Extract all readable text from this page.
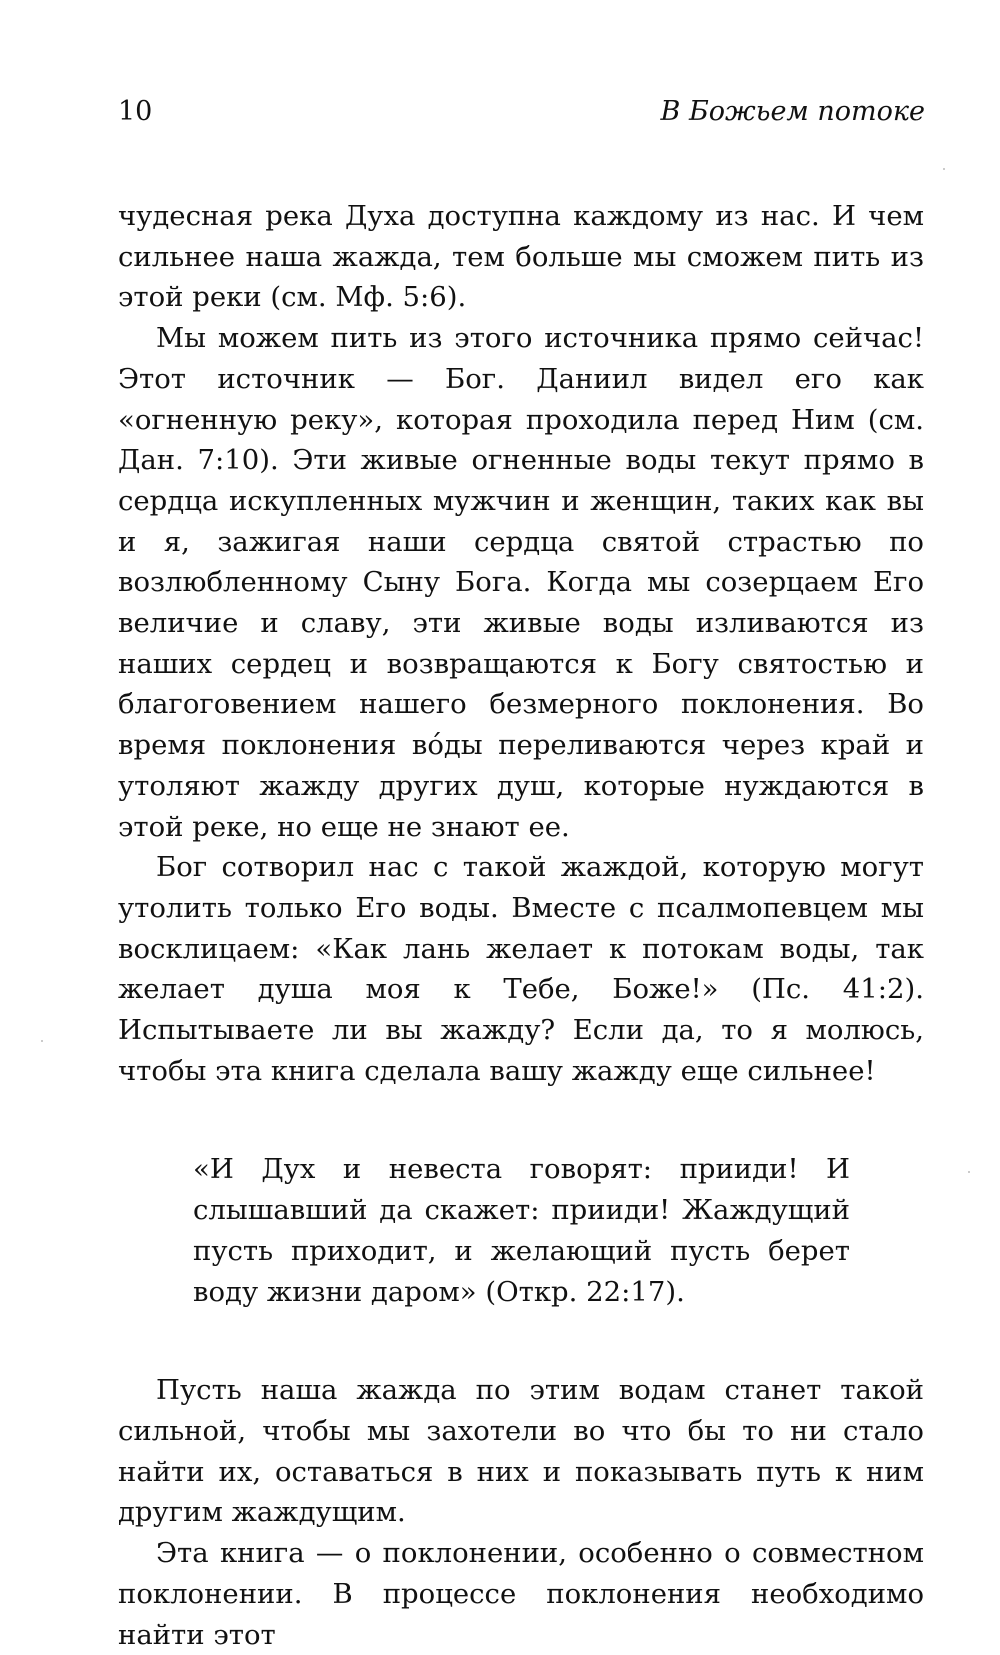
10	В Божьем потоке

чудесная река Духа доступна каждому из нас. И чем сильнее наша жажда, тем больше мы сможем пить из этой реки (см. Мф. 5:6).

Мы можем пить из этого источника прямо сейчас! Этот источник — Бог. Даниил видел его как «огненную реку», которая проходила перед Ним (см. Дан. 7:10). Эти живые огненные воды текут прямо в сердца искупленных мужчин и женщин, таких как вы и я, зажигая наши сердца святой страстью по возлюбленному Сыну Бога. Когда мы созерцаем Его величие и славу, эти живые воды изливаются из наших сердец и возвращаются к Богу святостью и благоговением нашего безмерного поклонения. Во время поклонения во́ды переливаются через край и утоляют жажду других душ, которые нуждаются в этой реке, но еще не знают ее.

Бог сотворил нас с такой жаждой, которую могут утолить только Его воды. Вместе с псалмопевцем мы восклицаем: «Как лань желает к потокам воды, так желает душа моя к Тебе, Боже!» (Пс. 41:2). Испытываете ли вы жажду? Если да, то я молюсь, чтобы эта книга сделала вашу жажду еще сильнее!

«И Дух и невеста говорят: прииди! И слышавший да скажет: прииди! Жаждущий пусть приходит, и желающий пусть берет воду жизни даром» (Откр. 22:17).

Пусть наша жажда по этим водам станет такой сильной, чтобы мы захотели во что бы то ни стало найти их, оставаться в них и показывать путь к ним другим жаждущим.

Эта книга — о поклонении, особенно о совместном поклонении. В процессе поклонения необходимо найти этот
